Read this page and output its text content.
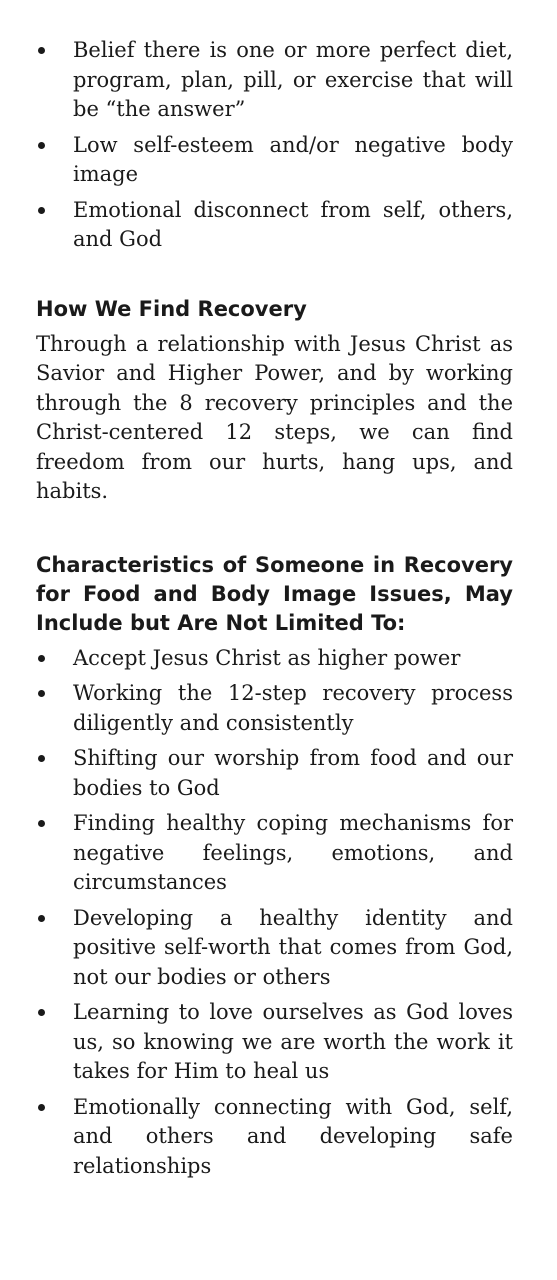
Belief there is one or more perfect diet, program, plan, pill, or exercise that will be “the answer”
Low self-esteem and/or negative body image
Emotional disconnect from self, others, and God
How We Find Recovery

Through a relationship with Jesus Christ as Savior and Higher Power, and by working through the 8 recovery principles and the Christ-centered 12 steps, we can find freedom from our hurts, hang ups, and habits.

Characteristics of Someone in Recovery for Food and Body Image Issues, May Include but Are Not Limited To:
Accept Jesus Christ as higher power
Working the 12-step recovery process diligently and consistently
Shifting our worship from food and our bodies to God
Finding healthy coping mechanisms for negative feelings, emotions, and circumstances
Developing a healthy identity and positive self-worth that comes from God, not our bodies or others
Learning to love ourselves as God loves us, so knowing we are worth the work it takes for Him to heal us
Emotionally connecting with God, self, and others and developing safe relationships
